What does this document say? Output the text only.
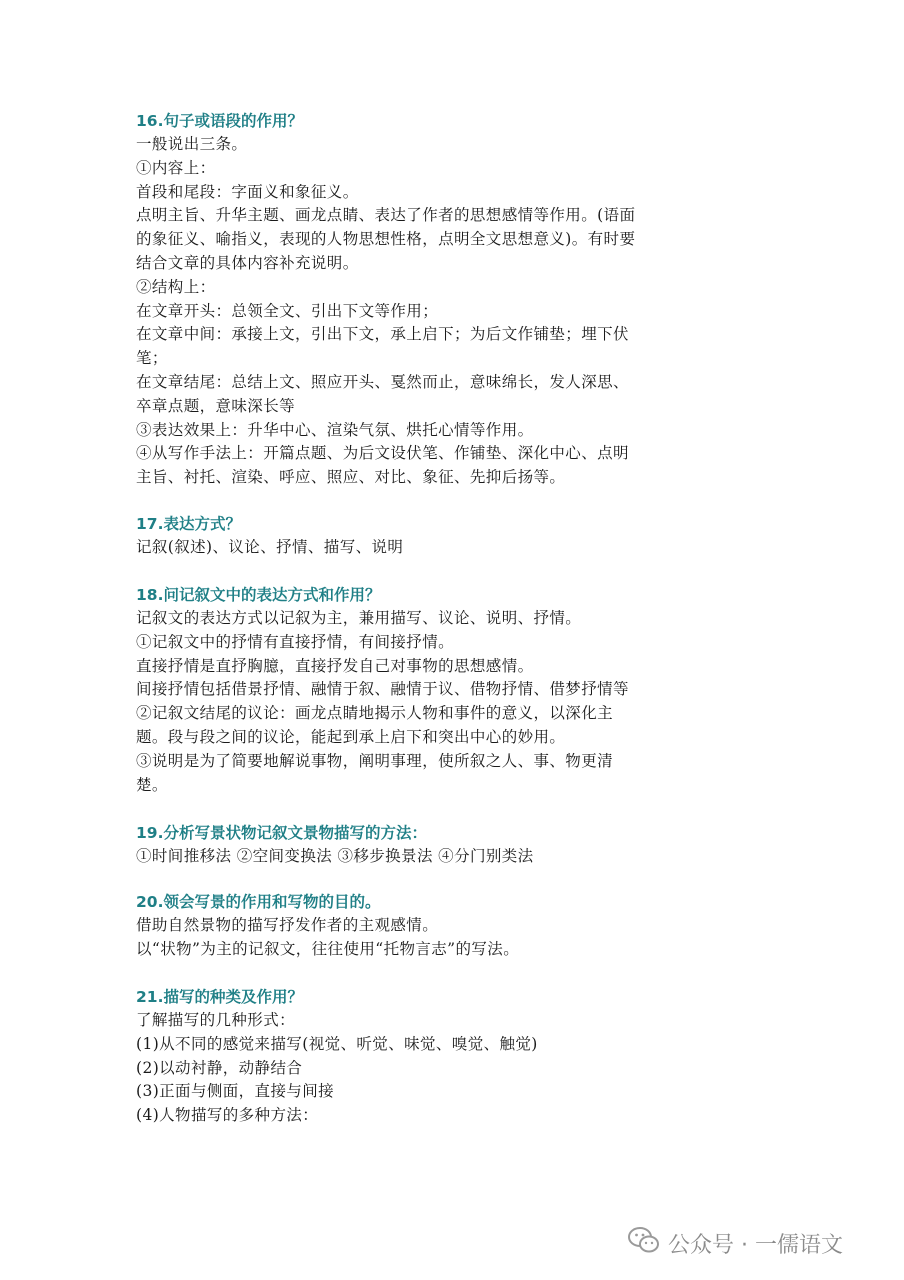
16.句子或语段的作用？
一般说出三条。
①内容上：
首段和尾段：字面义和象征义。
点明主旨、升华主题、画龙点睛、表达了作者的思想感情等作用。(语面
的象征义、喻指义，表现的人物思想性格，点明全文思想意义)。有时要
结合文章的具体内容补充说明。
②结构上：
在文章开头：总领全文、引出下文等作用；
在文章中间：承接上文，引出下文，承上启下；为后文作铺垫；埋下伏
笔；
在文章结尾：总结上文、照应开头、戛然而止，意味绵长，发人深思、
卒章点题，意味深长等
③表达效果上：升华中心、渲染气氛、烘托心情等作用。
④从写作手法上：开篇点题、为后文设伏笔、作铺垫、深化中心、点明
主旨、衬托、渲染、呼应、照应、对比、象征、先抑后扬等。
17.表达方式？
记叙(叙述)、议论、抒情、描写、说明
18.问记叙文中的表达方式和作用？
记叙文的表达方式以记叙为主，兼用描写、议论、说明、抒情。
①记叙文中的抒情有直接抒情，有间接抒情。
直接抒情是直抒胸臆，直接抒发自己对事物的思想感情。
间接抒情包括借景抒情、融情于叙、融情于议、借物抒情、借梦抒情等
②记叙文结尾的议论：画龙点睛地揭示人物和事件的意义，以深化主
题。段与段之间的议论，能起到承上启下和突出中心的妙用。
③说明是为了简要地解说事物，阐明事理，使所叙之人、事、物更清
楚。
19.分析写景状物记叙文景物描写的方法：
①时间推移法 ②空间变换法 ③移步换景法 ④分门别类法
20.领会写景的作用和写物的目的。
借助自然景物的描写抒发作者的主观感情。
以“状物”为主的记叙文，往往使用“托物言志”的写法。
21.描写的种类及作用？
了解描写的几种形式：
(1)从不同的感觉来描写(视觉、听觉、味觉、嗅觉、触觉)
(2)以动衬静，动静结合
(3)正面与侧面，直接与间接
(4)人物描写的多种方法：
公众号 · 一儒语文
